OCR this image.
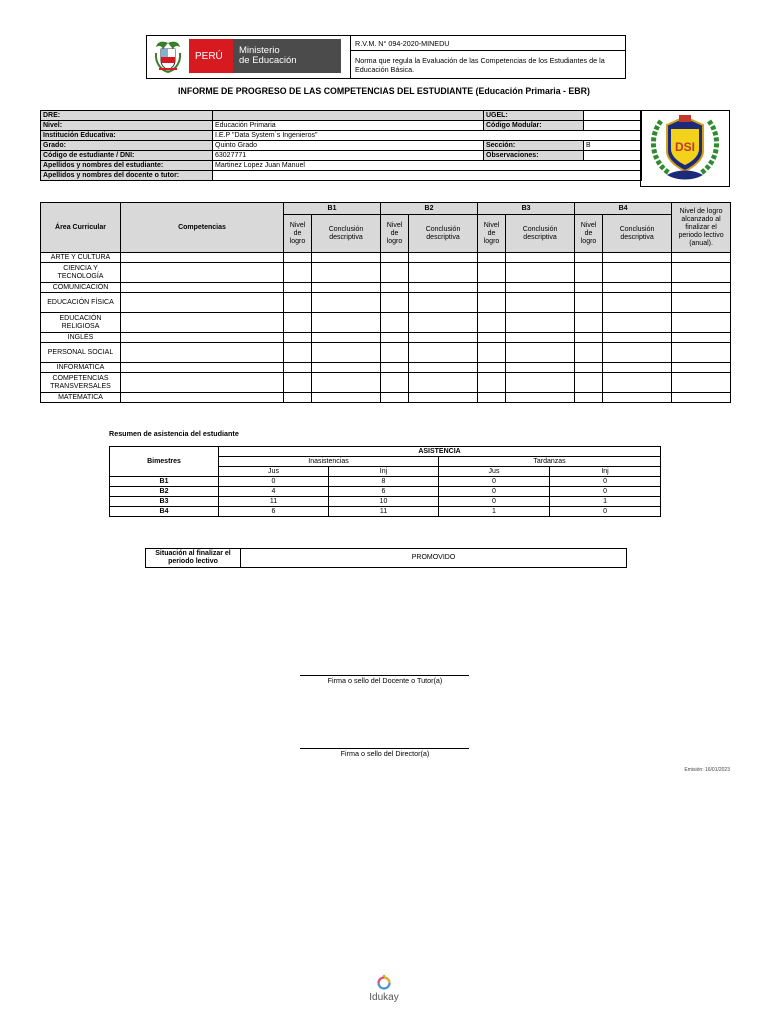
PERÚ	Ministerio
de Educación
R.V.M. N° 094-2020-MINEDU
Norma que regula la Evaluación de las Competencias de los Estudiantes de la Educación Básica.
INFORME DE PROGRESO DE LAS COMPETENCIAS DEL ESTUDIANTE (Educación Primaria - EBR)
DRE:		UGEL:	
Nivel:	Educación Primaria	Código Modular:	
Institución Educativa:	I.E.P "Data System´s Ingenieros"		
Grado:	Quinto Grado	Sección:	B
Código de estudiante / DNI:	63027771	Observaciones:	
Apellidos y nombres del estudiante:	Martinez Lopez Juan Manuel		
Apellidos y nombres del docente o tutor:			
DSI
Área Curricular	Competencias	B1		B2		B3		B4		Nivel de logro alcanzado al finalizar el periodo lectivo (anual).
		Nivel de logro	Conclusión descriptiva	Nivel de logro	Conclusión descriptiva	Nivel de logro	Conclusión descriptiva	Nivel de logro	Conclusión descriptiva	
ARTE Y CULTURA										
CIENCIA Y TECNOLOGÍA										
COMUNICACIÓN										
EDUCACIÓN FÍSICA										
EDUCACIÓN RELIGIOSA										
INGLÉS										
PERSONAL SOCIAL										
INFORMATICA										
COMPETENCIAS TRANSVERSALES										
MATEMATICA										
Resumen de asistencia del estudiante
Bimestres	ASISTENCIA			
	Inasistencias		Tardanzas	
	Jus	Inj	Jus	Inj
B1	0	8	0	0
B2	4	6	0	0
B3	11	10	0	1
B4	6	11	1	0
Situación al finalizar el periodo lectivo	PROMOVIDO
Firma o sello del Docente o Tutor(a)
Firma o sello del Director(a)
Emisión: 16/01/2023
Idukay
